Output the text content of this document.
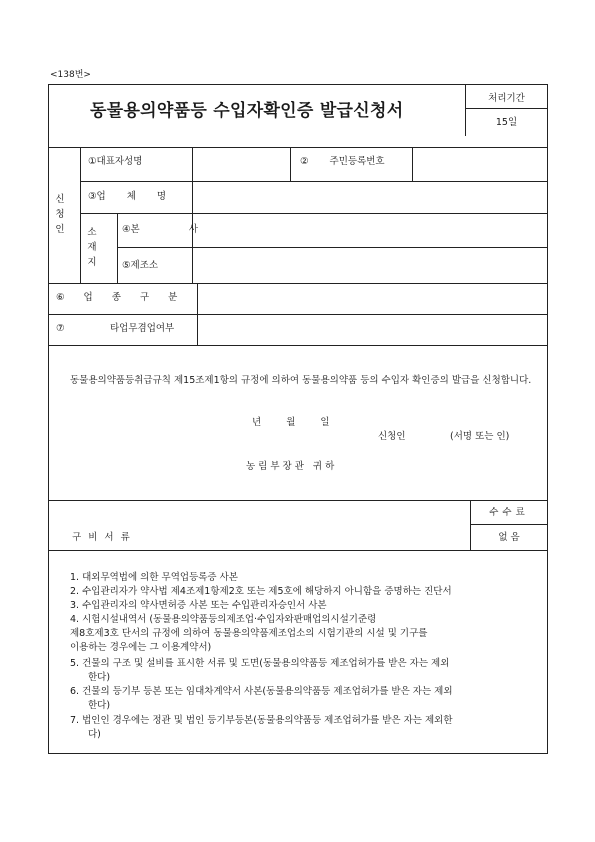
<138번>
동물용의약품등 수입자확인증 발급신청서
처리기간
15일
신청인
①대표자성명	② 주민등록번호
③업 체 명
소재지
④본 사
⑤제조소
⑥ 업 종 구 분
⑦	타업무겸업여부
동물용의약품등취급규칙 제15조제1항의 규정에 의하여 동물용의약품 등의 수입자 확인증의 발급을 신청합니다.
년 월 일
신청인	(서명 또는 인)
농림부장관 귀하
수수료
없 음
구 비 서 류
1. 대외무역법에 의한 무역업등록증 사본
2. 수입관리자가 약사법 제4조제1항제2호 또는 제5호에 해당하지 아니함을 증명하는 진단서
3. 수입관리자의 약사면허증 사본 또는 수입관리자승인서 사본
4. 시험시설내역서 (동물용의약품등의제조업·수입자와판매업의시설기준령
제8호제3호 단서의 규정에 의하여 동물용의약품제조업소의 시험기관의 시설 및 기구를
이용하는 경우에는 그 이용계약서)
5. 건물의 구조 및 설비를 표시한 서류 및 도면(동물용의약품등 제조업허가를 받은 자는 제외
한다)
6. 건물의 등기부 등본 또는 임대차계약서 사본(동물용의약품등 제조업허가를 받은 자는 제외
한다)
7. 법인인 경우에는 정관 및 법인 등기부등본(동물용의약품등 제조업허가를 받은 자는 제외한
다)
